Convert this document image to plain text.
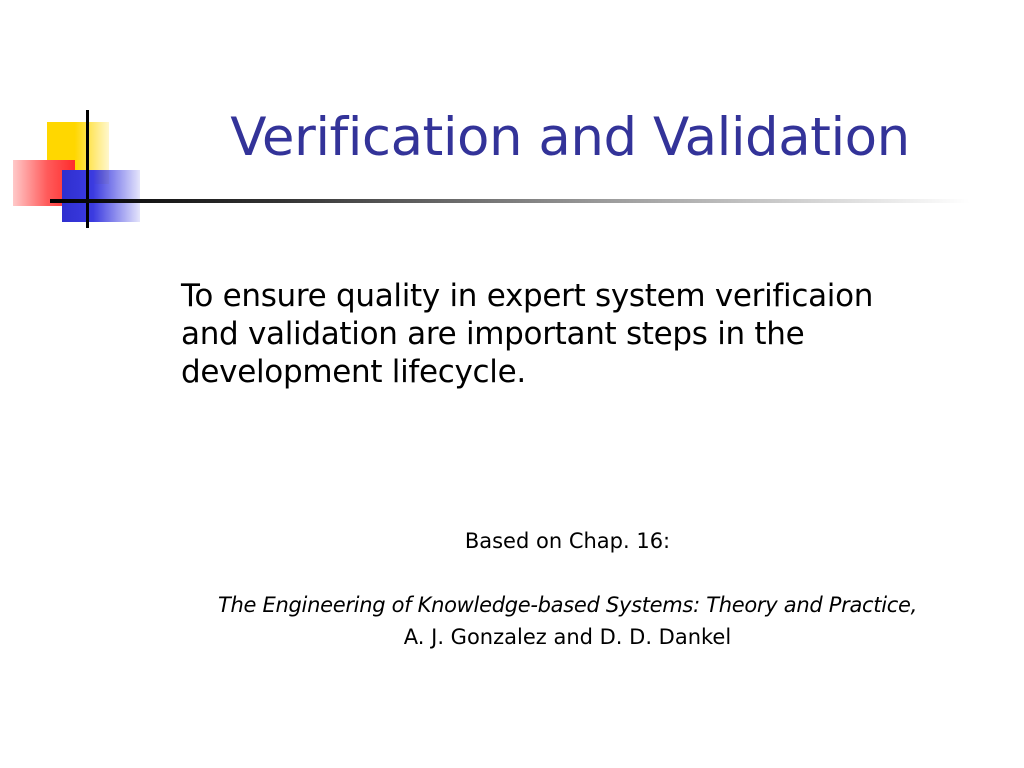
Verification and Validation

To ensure quality in expert system verificaion
and validation are important steps in the
development lifecycle.

Based on Chap. 16:
The Engineering of Knowledge-based Systems: Theory and Practice,
A. J. Gonzalez and D. D. Dankel
